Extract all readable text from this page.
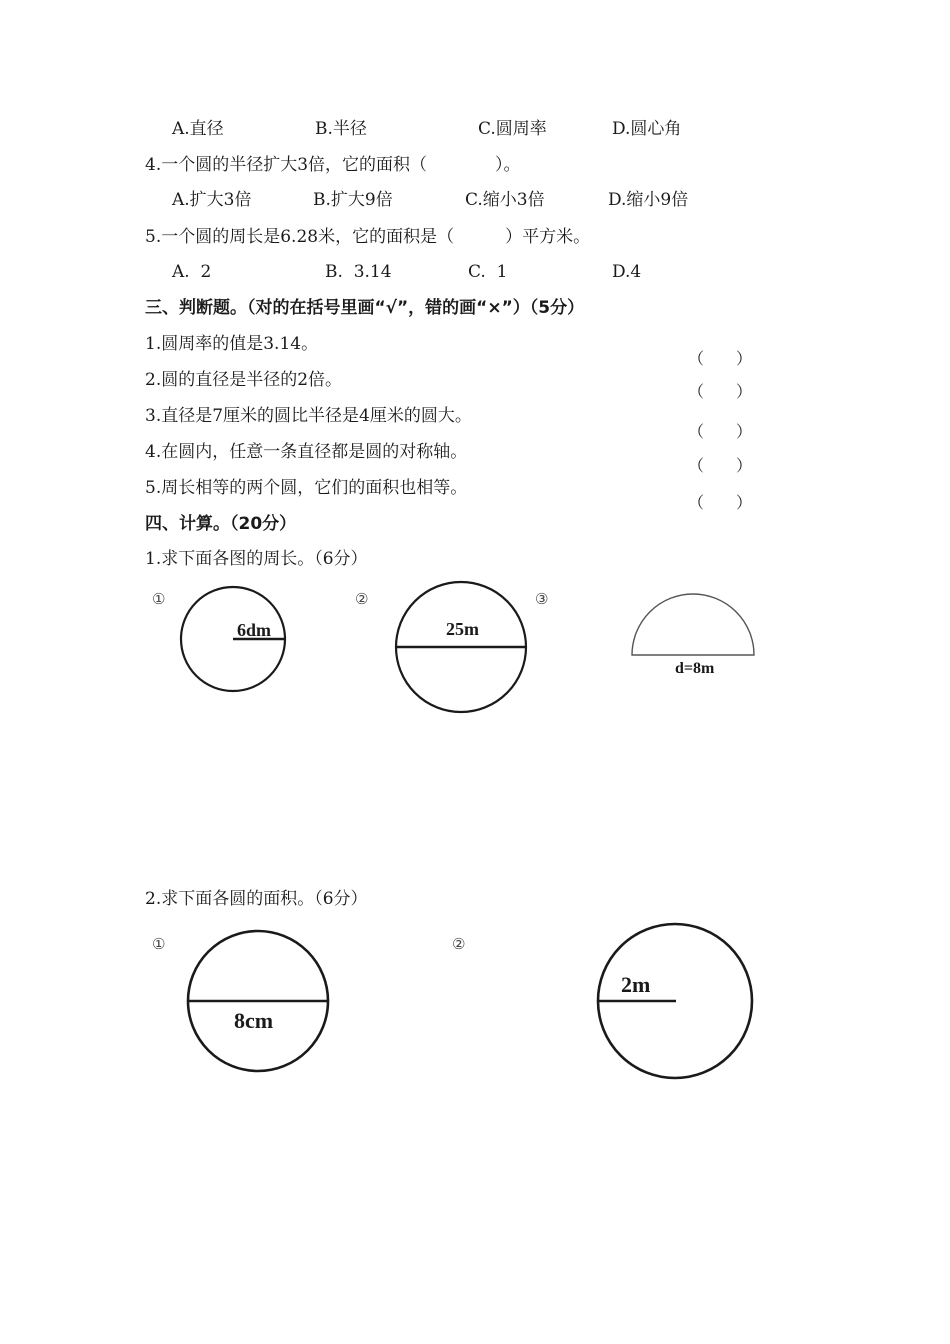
A.直径	B.半径	C.圆周率	D.圆心角
4.一个圆的半径扩大3倍，它的面积（　　　　）。
A.扩大3倍	B.扩大9倍	C.缩小3倍	D.缩小9倍
5.一个圆的周长是6.28米，它的面积是（　　　）平方米。
A.  2	B.  3.14	C.  1	D.4
三、判断题。（对的在括号里画“√”，错的画“×”）（5分）
1.圆周率的值是3.14。
2.圆的直径是半径的2倍。
3.直径是7厘米的圆比半径是4厘米的圆大。
4.在圆内，任意一条直径都是圆的对称轴。
5.周长相等的两个圆，它们的面积也相等。
（　　）
（　　）
（　　）
（　　）
（　　）
四、计算。（20分）
1.求下面各图的周长。（6分）
2.求下面各圆的面积。（6分）
①
6dm
②
25m
③
d=8m
①
8cm
②
2m
